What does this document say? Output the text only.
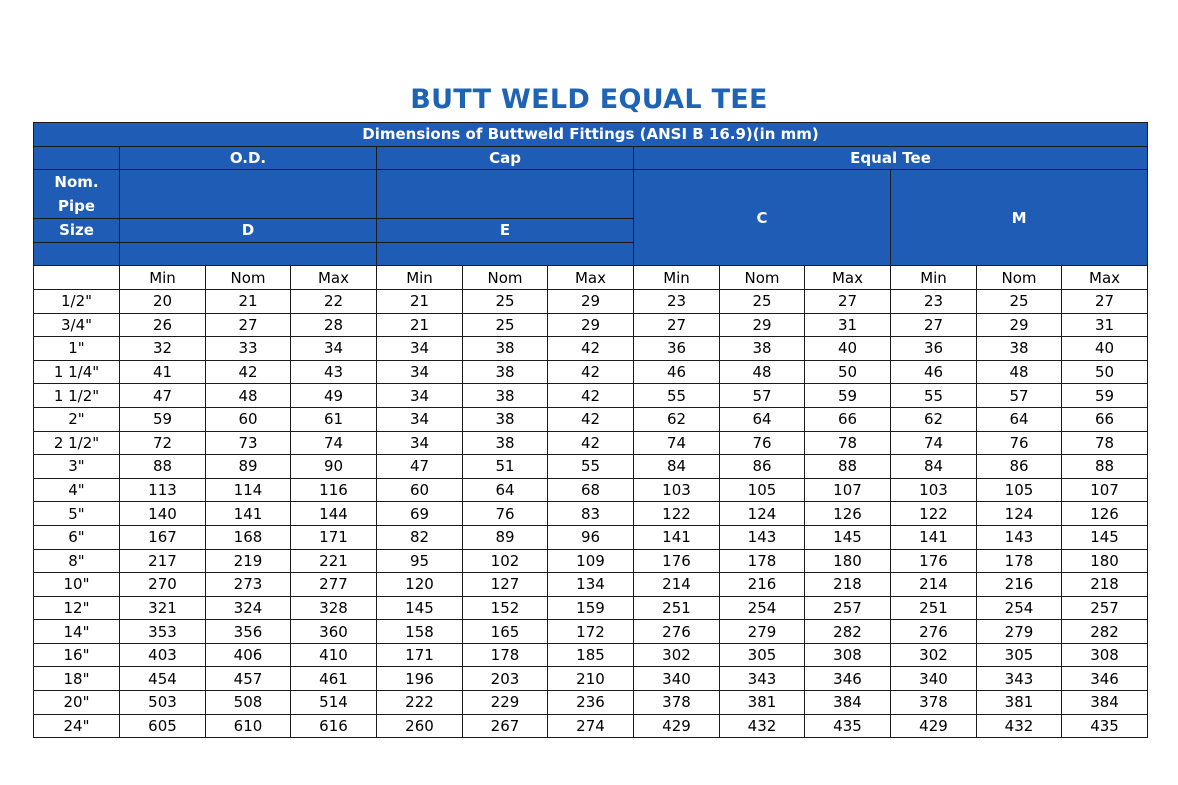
BUTT WELD EQUAL TEE
Dimensions of Buttweld Fittings (ANSI B 16.9)(in mm)												
	O.D.			Cap			Equal Tee					
Nom.
Pipe							C			M		

Size	D			E								

	Min	Nom	Max	Min	Nom	Max	Min	Nom	Max	Min	Nom	Max
1/2"	20	21	22	21	25	29	23	25	27	23	25	27
3/4"	26	27	28	21	25	29	27	29	31	27	29	31
1"	32	33	34	34	38	42	36	38	40	36	38	40
1 1/4"	41	42	43	34	38	42	46	48	50	46	48	50
1 1/2"	47	48	49	34	38	42	55	57	59	55	57	59
2"	59	60	61	34	38	42	62	64	66	62	64	66
2 1/2"	72	73	74	34	38	42	74	76	78	74	76	78
3"	88	89	90	47	51	55	84	86	88	84	86	88
4"	113	114	116	60	64	68	103	105	107	103	105	107
5"	140	141	144	69	76	83	122	124	126	122	124	126
6"	167	168	171	82	89	96	141	143	145	141	143	145
8"	217	219	221	95	102	109	176	178	180	176	178	180
10"	270	273	277	120	127	134	214	216	218	214	216	218
12"	321	324	328	145	152	159	251	254	257	251	254	257
14"	353	356	360	158	165	172	276	279	282	276	279	282
16"	403	406	410	171	178	185	302	305	308	302	305	308
18"	454	457	461	196	203	210	340	343	346	340	343	346
20"	503	508	514	222	229	236	378	381	384	378	381	384
24"	605	610	616	260	267	274	429	432	435	429	432	435
